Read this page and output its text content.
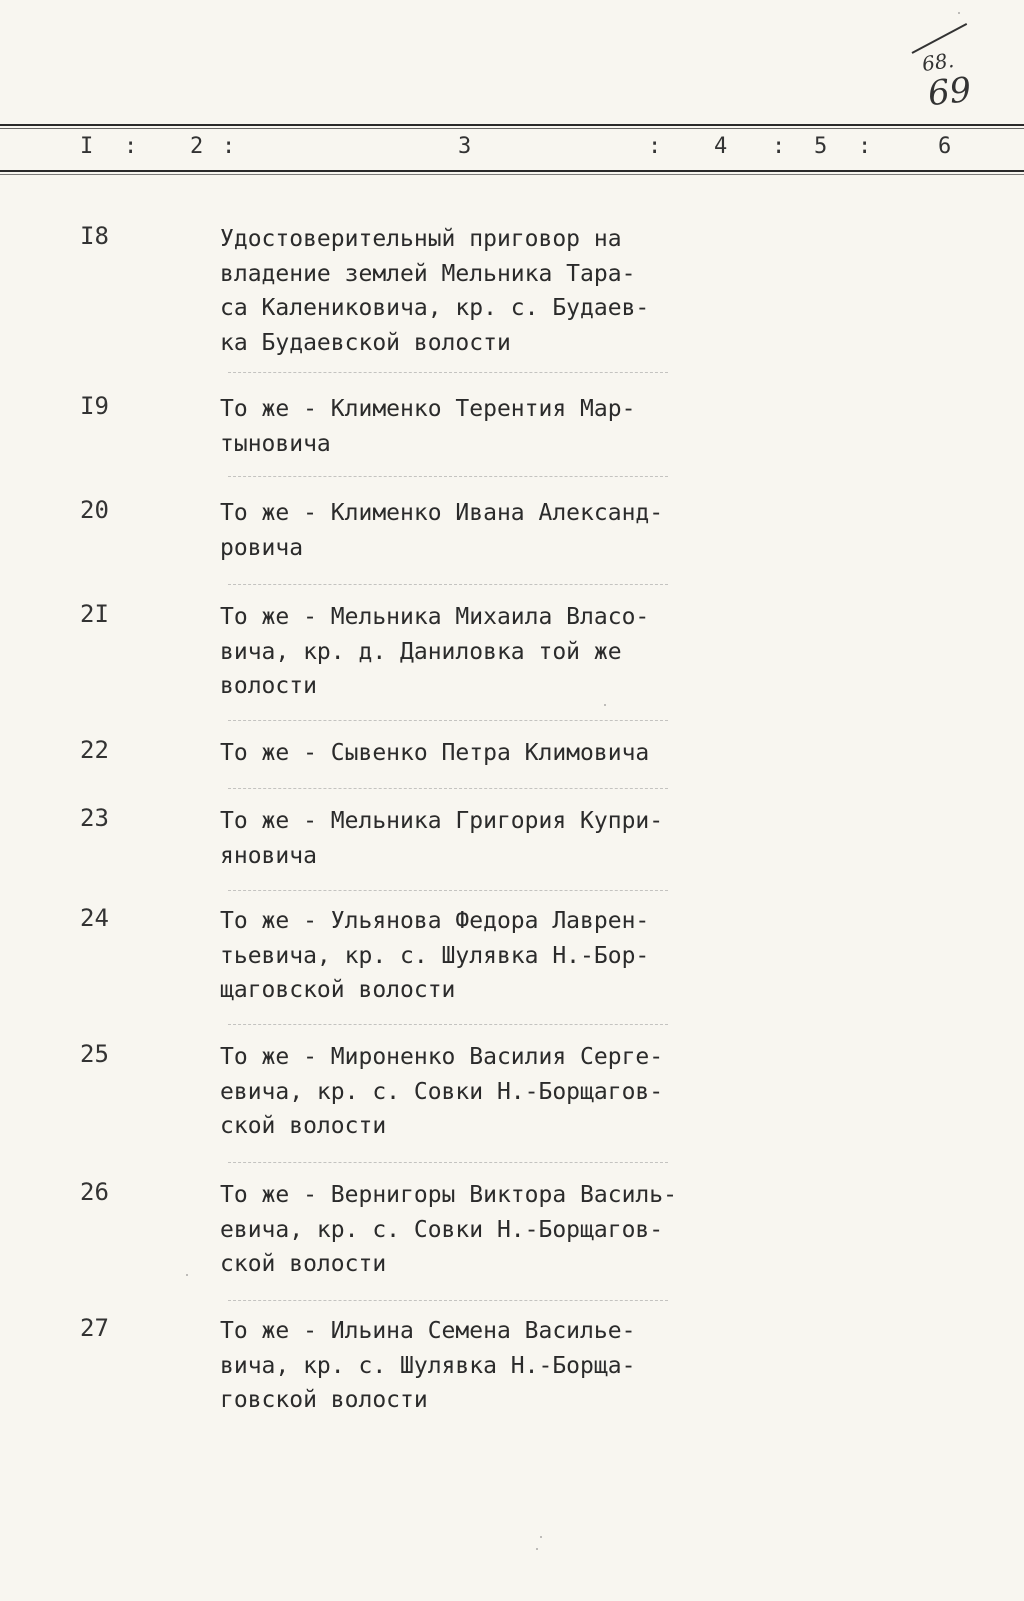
68.
69
I : 2 :	3	: 4 : 5 :	6
I8	Удостоверительный приговор на
владение землей Мельника Тара-
са Калениковича, кр. с. Будаев-
ка Будаевской волости
I9	То же - Клименко Терентия Мар-
тыновича
20	То же - Клименко Ивана Александ-
ровича
2I	То же - Мельника Михаила Власо-
вича, кр. д. Даниловка той же
волости
22	То же - Сывенко Петра Климовича
23	То же - Мельника Григория Купри-
яновича
24	То же - Ульянова Федора Лаврен-
тьевича, кр. с. Шулявка Н.-Бор-
щаговской волости
25	То же - Мироненко Василия Серге-
евича, кр. с. Совки Н.-Борщагов-
ской волости
26	То же - Вернигоры Виктора Василь-
евича, кр. с. Совки Н.-Борщагов-
ской волости
27	То же - Ильина Семена Василье-
вича, кр. с. Шулявка Н.-Борща-
говской волости
